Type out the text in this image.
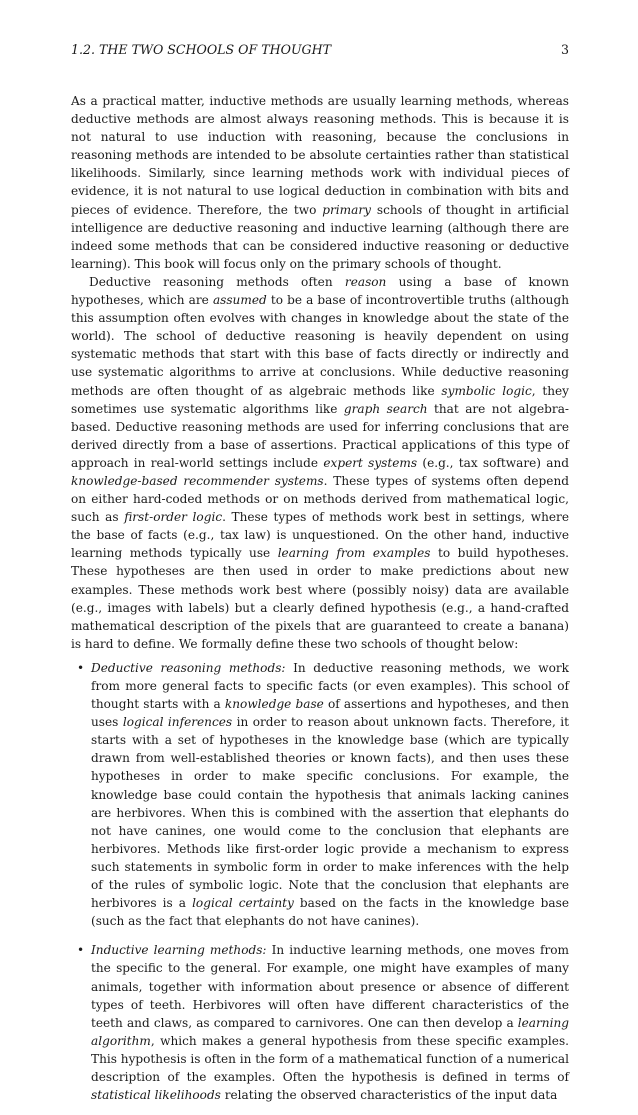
1.2. THE TWO SCHOOLS OF THOUGHT	3

As a practical matter, inductive methods are usually learning methods, whereas deductive methods are almost always reasoning methods. This is because it is not natural to use induction with reasoning, because the conclusions in reasoning methods are intended to be absolute certainties rather than statistical likelihoods. Similarly, since learning methods work with individual pieces of evidence, it is not natural to use logical deduction in combination with bits and pieces of evidence. Therefore, the two primary schools of thought in artificial intelligence are deductive reasoning and inductive learning (although there are indeed some methods that can be considered inductive reasoning or deductive learning). This book will focus only on the primary schools of thought.

Deductive reasoning methods often reason using a base of known hypotheses, which are assumed to be a base of incontrovertible truths (although this assumption often evolves with changes in knowledge about the state of the world). The school of deductive reasoning is heavily dependent on using systematic methods that start with this base of facts directly or indirectly and use systematic algorithms to arrive at conclusions. While deductive reasoning methods are often thought of as algebraic methods like symbolic logic, they sometimes use systematic algorithms like graph search that are not algebra-based. Deductive reasoning methods are used for inferring conclusions that are derived directly from a base of assertions. Practical applications of this type of approach in real-world settings include expert systems (e.g., tax software) and knowledge-based recommender systems. These types of systems often depend on either hard-coded methods or on methods derived from mathematical logic, such as first-order logic. These types of methods work best in settings, where the base of facts (e.g., tax law) is unquestioned. On the other hand, inductive learning methods typically use learning from examples to build hypotheses. These hypotheses are then used in order to make predictions about new examples. These methods work best where (possibly noisy) data are available (e.g., images with labels) but a clearly defined hypothesis (e.g., a hand-crafted mathematical description of the pixels that are guaranteed to create a banana) is hard to define. We formally define these two schools of thought below:

• Deductive reasoning methods: In deductive reasoning methods, we work from more general facts to specific facts (or even examples). This school of thought starts with a knowledge base of assertions and hypotheses, and then uses logical inferences in order to reason about unknown facts. Therefore, it starts with a set of hypotheses in the knowledge base (which are typically drawn from well-established theories or known facts), and then uses these hypotheses in order to make specific conclusions. For example, the knowledge base could contain the hypothesis that animals lacking canines are herbivores. When this is combined with the assertion that elephants do not have canines, one would come to the conclusion that elephants are herbivores. Methods like first-order logic provide a mechanism to express such statements in symbolic form in order to make inferences with the help of the rules of symbolic logic. Note that the conclusion that elephants are herbivores is a logical certainty based on the facts in the knowledge base (such as the fact that elephants do not have canines).
• Inductive learning methods: In inductive learning methods, one moves from the specific to the general. For example, one might have examples of many animals, together with information about presence or absence of different types of teeth. Herbivores will often have different characteristics of the teeth and claws, as compared to carnivores. One can then develop a learning algorithm, which makes a general hypothesis from these specific examples. This hypothesis is often in the form of a mathematical function of a numerical description of the examples. Often the hypothesis is defined in terms of statistical likelihoods relating the observed characteristics of the input data
